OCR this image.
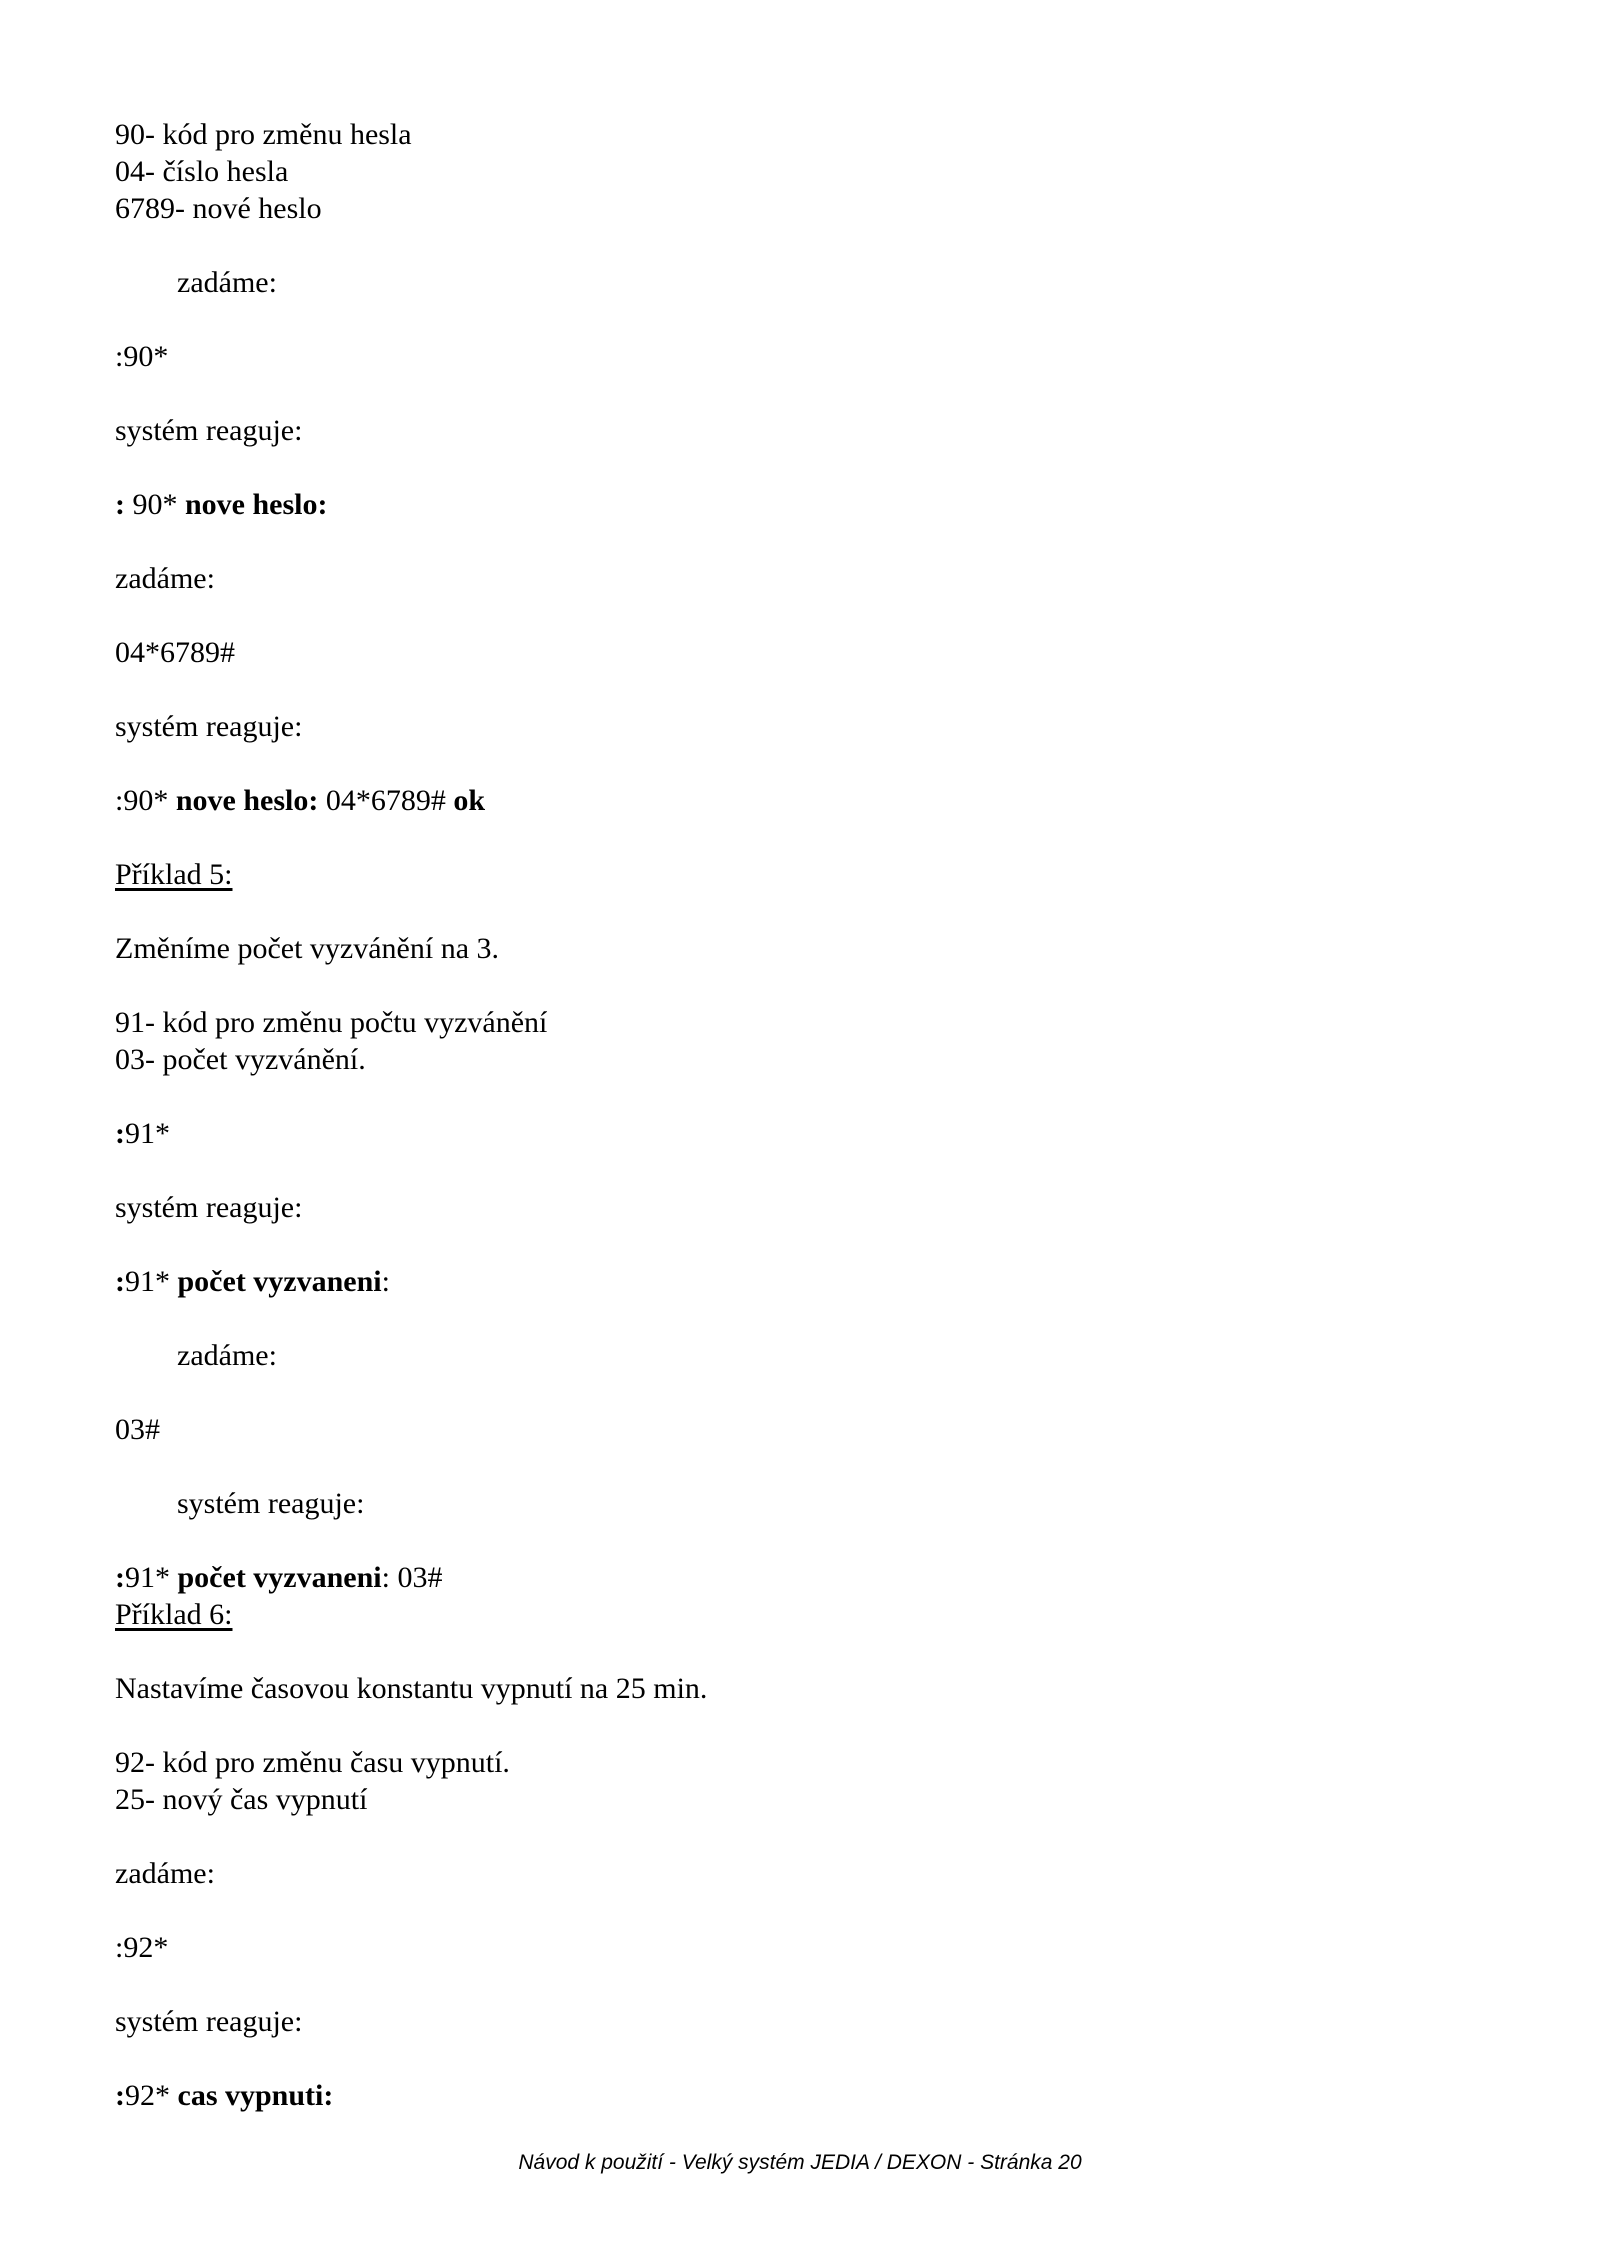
90- kód pro změnu hesla
04- číslo hesla
6789- nové heslo
zadáme:
:90*
systém reaguje:
: 90* nove heslo:
zadáme:
04*6789#
systém reaguje:
:90* nove heslo: 04*6789# ok
Příklad 5:
Změníme počet vyzvánění na 3.
91- kód pro změnu počtu vyzvánění
03- počet vyzvánění.
:91*
systém reaguje:
:91* počet vyzvaneni:
zadáme:
03#
systém reaguje:
:91* počet vyzvaneni: 03#
Příklad 6:
Nastavíme časovou konstantu vypnutí na 25 min.
92- kód pro změnu času vypnutí.
25- nový čas vypnutí
zadáme:
:92*
systém reaguje:
:92* cas vypnuti:
Návod k použití - Velký systém JEDIA / DEXON - Stránka 20
